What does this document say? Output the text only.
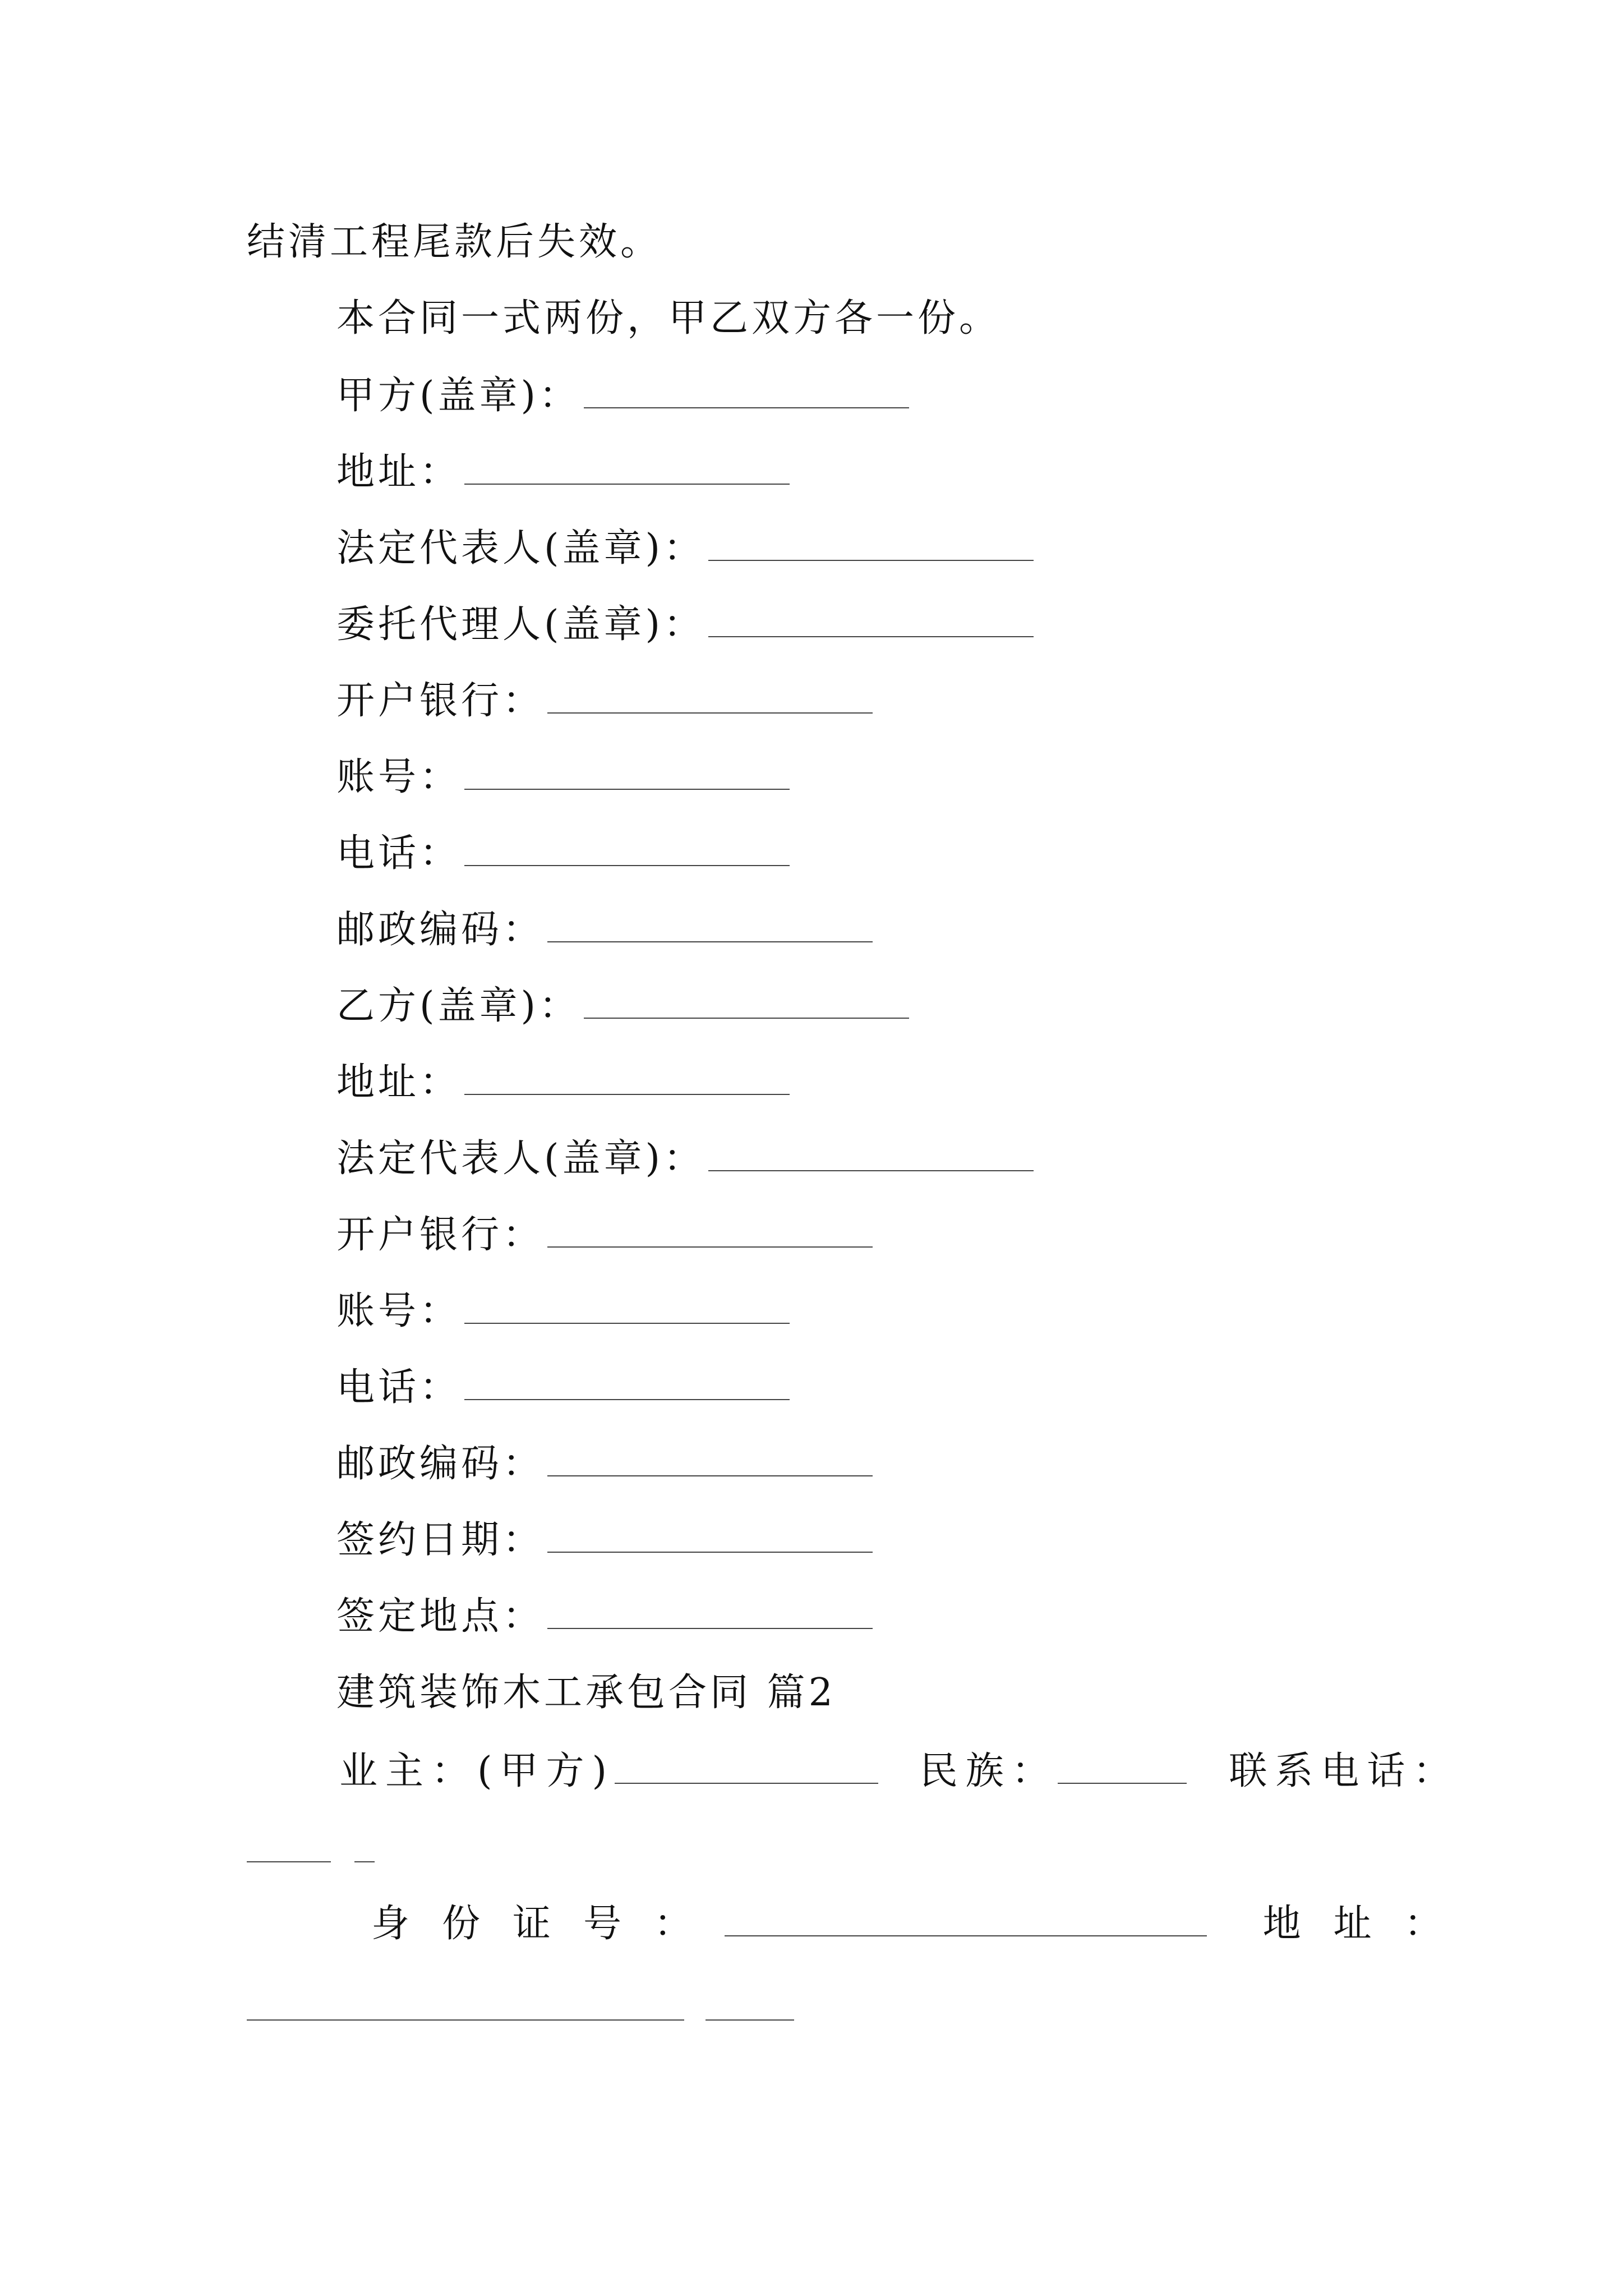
结清工程尾款后失效。
本合同一式两份，甲乙双方各一份。
甲方(盖章)：
地址：
法定代表人(盖章)：
委托代理人(盖章)：
开户银行：
账号：
电话：
邮政编码：
乙方(盖章)：
地址：
法定代表人(盖章)：
开户银行：
账号：
电话：
邮政编码：
签约日期：
签定地点：
建筑装饰木工承包合同 篇2
业主：(甲方)	民族：	联系电话：
身份证号：	地址：
